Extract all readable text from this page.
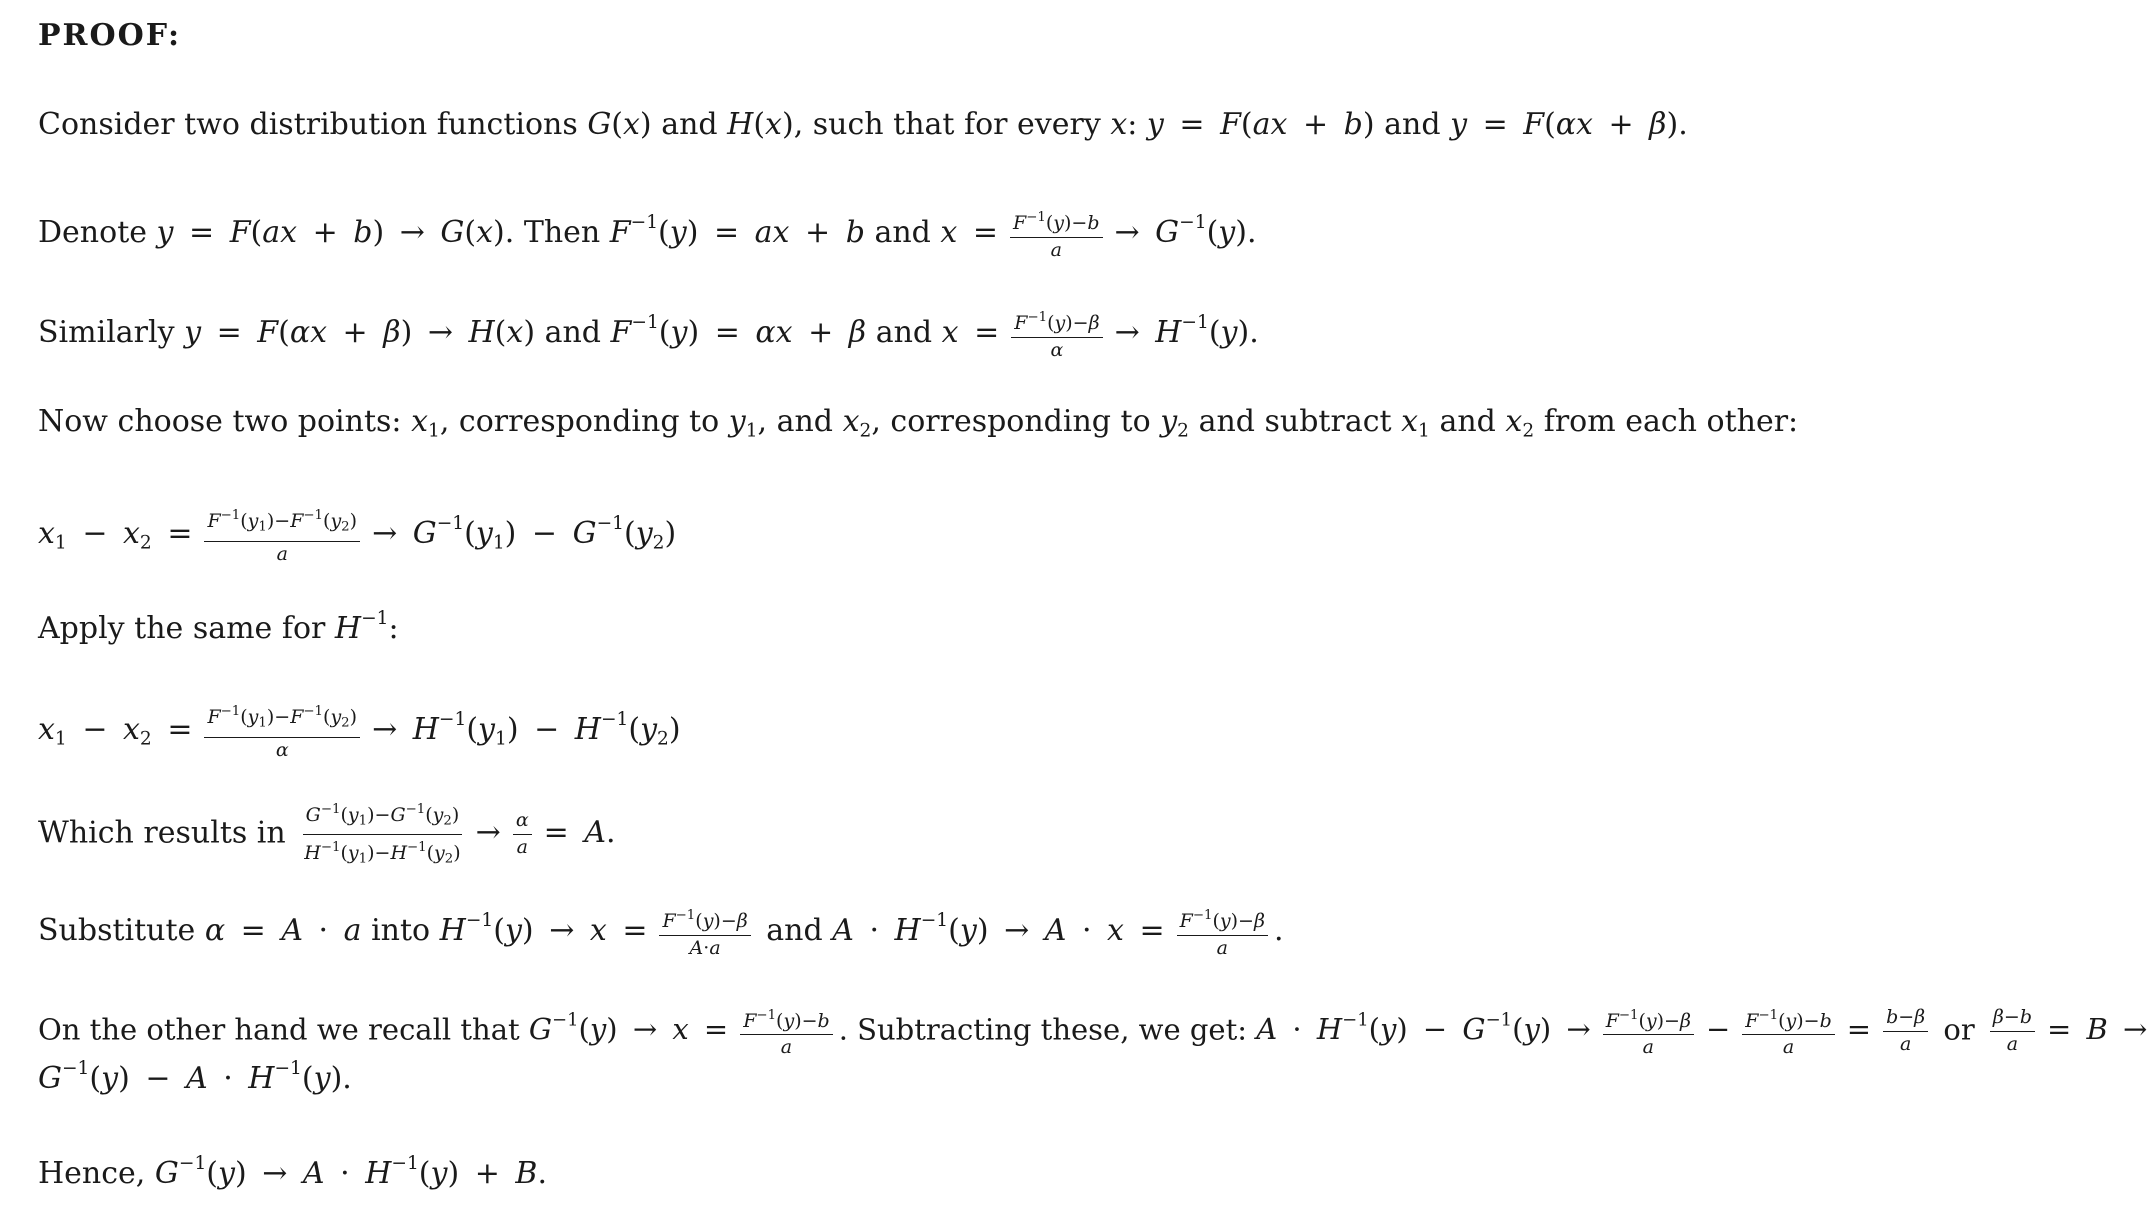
PROOF:
Consider two distribution functions G(x) and H(x), such that for every x: y = F(ax + b) and y = F(αx + β).
Denote y = F(ax + b) → G(x). Then $F^{-1}(y)$ = ax + b and $x = \frac{F^{-1}(y)-b}{a} \to G^{-1}(y)$.
Similarly y = F(αx + β) → H(x) and $F^{-1}(y) = \alpha x + \beta$ and $x = \frac{F^{-1}(y)-\beta}{\alpha} \to H^{-1}(y)$.
Now choose two points: $x_1$, corresponding to $y_1$, and $x_2$, corresponding to $y_2$ and subtract $x_1$ and $x_2$ from each other:
$x_1 - x_2 = \frac{F^{-1}(y_1)-F^{-1}(y_2)}{a} \to G^{-1}(y_1) - G^{-1}(y_2)$
Apply the same for $H^{-1}$:
$x_1 - x_2 = \frac{F^{-1}(y_1)-F^{-1}(y_2)}{\alpha} \to H^{-1}(y_1) - H^{-1}(y_2)$
Which results in $\frac{G^{-1}(y_1)-G^{-1}(y_2)}{H^{-1}(y_1)-H^{-1}(y_2)} \to \frac{\alpha}{a} = A$.
Substitute α = A · a into $H^{-1}(y) \to x = \frac{F^{-1}(y)-\beta}{A\cdot a}$ and $A \cdot H^{-1}(y) \to A \cdot x = \frac{F^{-1}(y)-\beta}{a}$ .
On the other hand we recall that $G^{-1}(y) \to x = \frac{F^{-1}(y)-b}{a}$ . Subtracting these, we get: $A \cdot H^{-1}(y) - G^{-1}(y) \to \frac{F^{-1}(y)-\beta}{a} - \frac{F^{-1}(y)-b}{a} = \frac{b-\beta}{a}$ or $\frac{\beta-b}{a} = B$ →
$G^{-1}(y) - A \cdot H^{-1}(y)$.
Hence, $G^{-1}(y) \to A \cdot H^{-1}(y) + B$.
